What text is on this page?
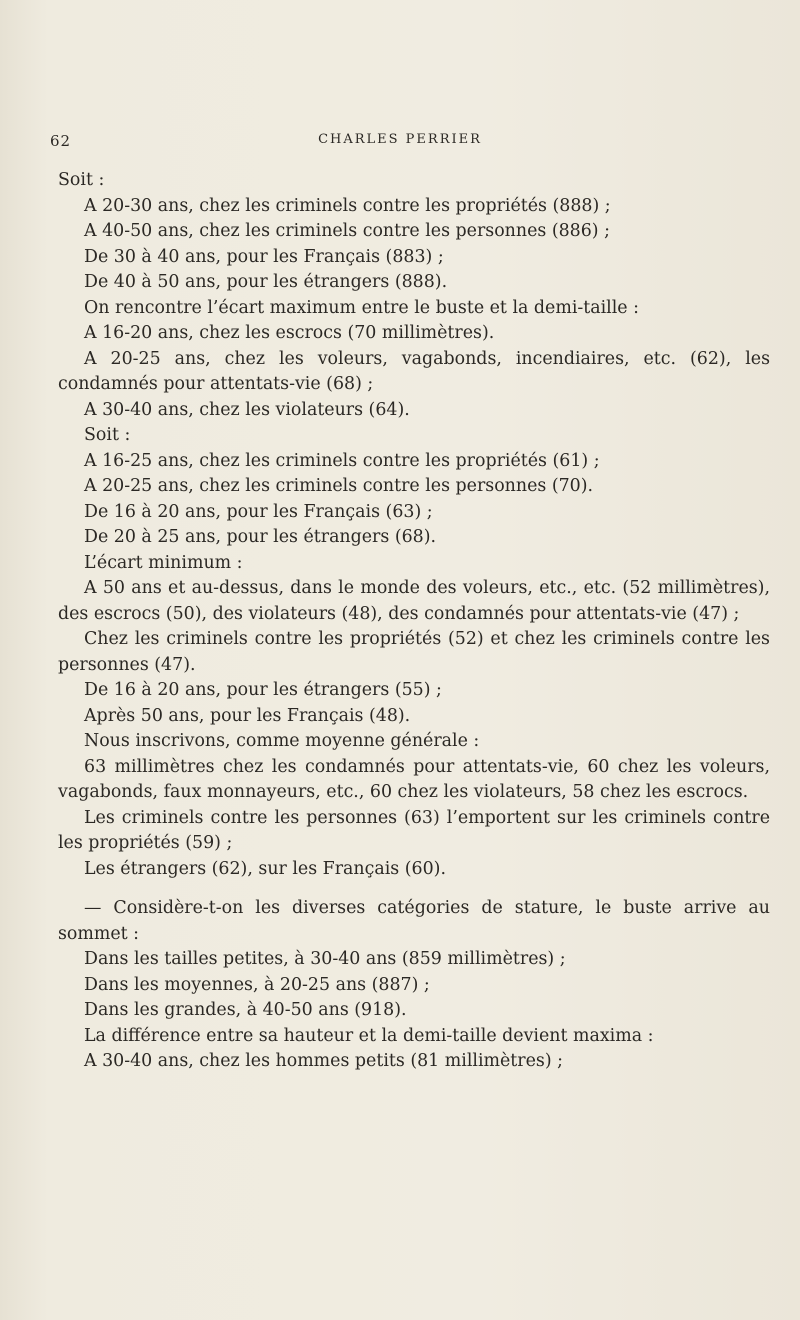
62	CHARLES PERRIER

Soit :

A 20-30 ans, chez les criminels contre les propriétés (888) ;

A 40-50 ans, chez les criminels contre les personnes (886) ;

De 30 à 40 ans, pour les Français (883) ;

De 40 à 50 ans, pour les étrangers (888).

On rencontre l’écart maximum entre le buste et la demi-taille :

A 16-20 ans, chez les escrocs (70 millimètres).

A 20-25 ans, chez les voleurs, vagabonds, incendiaires, etc. (62), les condamnés pour attentats-vie (68) ;

A 30-40 ans, chez les violateurs (64).

Soit :

A 16-25 ans, chez les criminels contre les propriétés (61) ;

A 20-25 ans, chez les criminels contre les personnes (70).

De 16 à 20 ans, pour les Français (63) ;

De 20 à 25 ans, pour les étrangers (68).

L’écart minimum :

A 50 ans et au-dessus, dans le monde des voleurs, etc., etc. (52 millimètres), des escrocs (50), des violateurs (48), des condamnés pour attentats-vie (47) ;

Chez les criminels contre les propriétés (52) et chez les criminels contre les personnes (47).

De 16 à 20 ans, pour les étrangers (55) ;

Après 50 ans, pour les Français (48).

Nous inscrivons, comme moyenne générale :

63 millimètres chez les condamnés pour attentats-vie, 60 chez les voleurs, vagabonds, faux monnayeurs, etc., 60 chez les violateurs, 58 chez les escrocs.

Les criminels contre les personnes (63) l’emportent sur les criminels contre les propriétés (59) ;

Les étrangers (62), sur les Français (60).

— Considère-t-on les diverses catégories de stature, le buste arrive au sommet :

Dans les tailles petites, à 30-40 ans (859 millimètres) ;

Dans les moyennes, à 20-25 ans (887) ;

Dans les grandes, à 40-50 ans (918).

La différence entre sa hauteur et la demi-taille devient maxima :

A 30-40 ans, chez les hommes petits (81 millimètres) ;
